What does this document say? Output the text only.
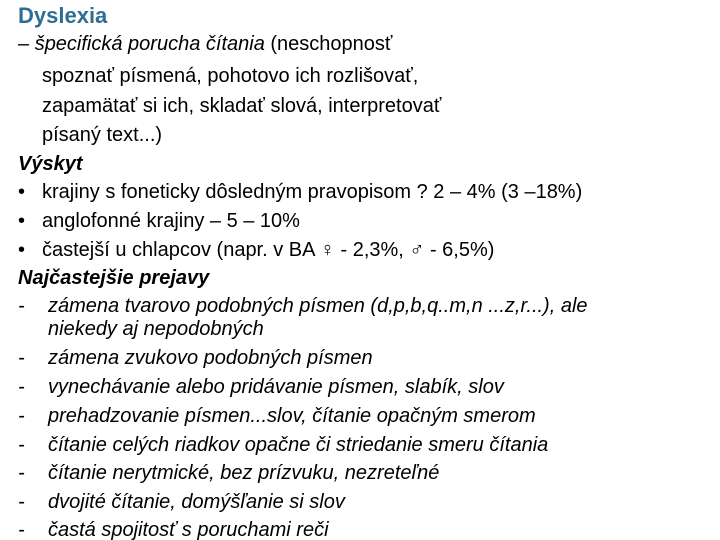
Dyslexia
– špecifická porucha čítania (neschopnosť
spoznať písmená, pohotovo ich rozlišovať,
zapamätať si ich, skladať slová, interpretovať
písaný text...)
Výskyt
• krajiny s foneticky dôsledným pravopisom ? 2 – 4% (3 –18%)
• anglofonné krajiny – 5 – 10%
• častejší u chlapcov (napr. v BA ♀ - 2,3%, ♂ - 6,5%)
Najčastejšie prejavy
- zámena tvarovo podobných písmen (d,p,b,q..m,n ...z,r...), ale
niekedy aj nepodobných
- zámena zvukovo podobných písmen
- vynechávanie alebo pridávanie písmen, slabík, slov
- prehadzovanie písmen...slov, čítanie opačným smerom
- čítanie celých riadkov opačne či striedanie smeru čítania
- čítanie nerytmické, bez prízvuku, nezreteľné
- dvojité čítanie, domýšľanie si slov
- častá spojitosť s poruchami reči
